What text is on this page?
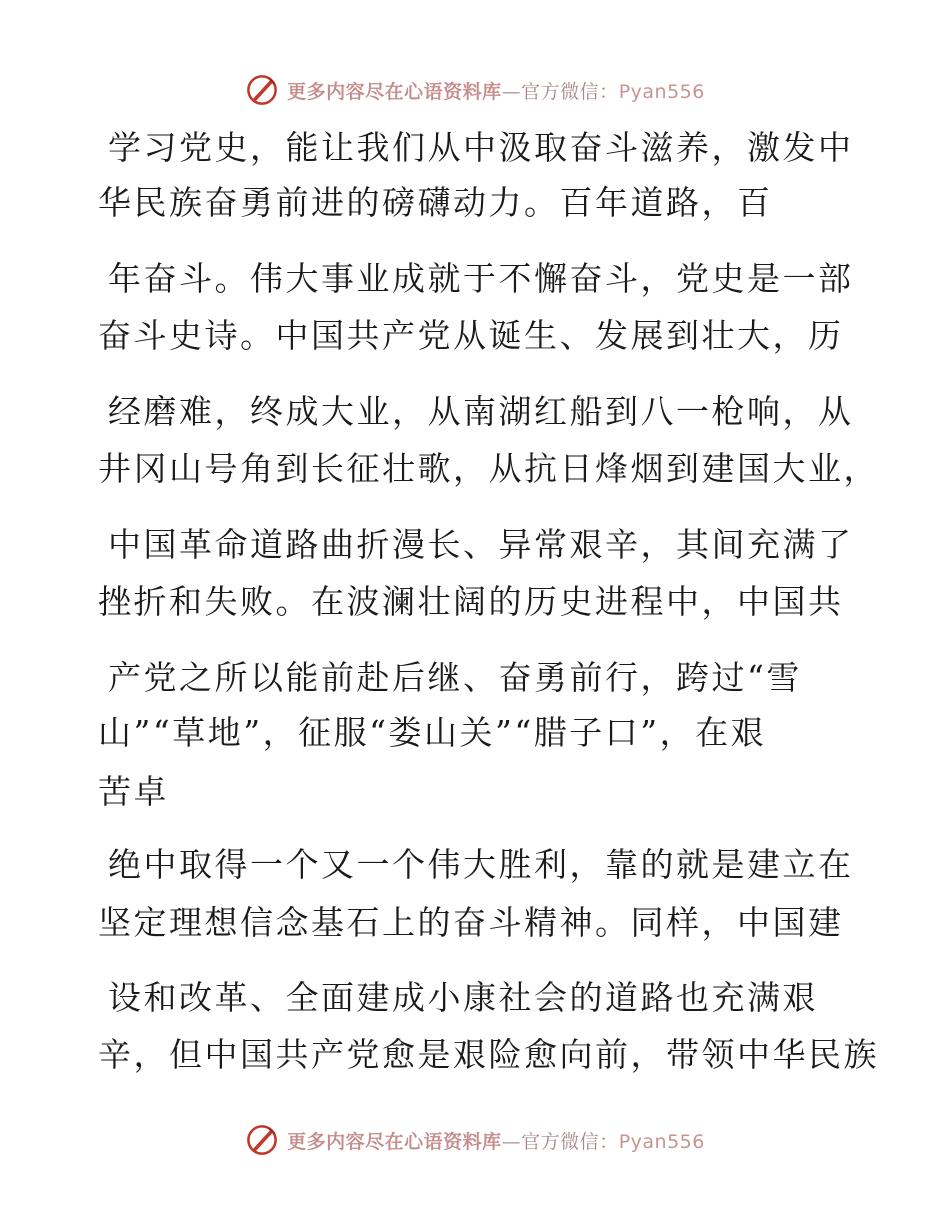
更多内容尽在心语资料库—官方微信：Pyan556
学习党史，能让我们从中汲取奋斗滋养，激发中
华民族奋勇前进的磅礴动力。百年道路，百
年奋斗。伟大事业成就于不懈奋斗，党史是一部
奋斗史诗。中国共产党从诞生、发展到壮大，历
经磨难，终成大业，从南湖红船到八一枪响，从
井冈山号角到长征壮歌，从抗日烽烟到建国大业，
中国革命道路曲折漫长、异常艰辛，其间充满了
挫折和失败。在波澜壮阔的历史进程中，中国共
产党之所以能前赴后继、奋勇前行，跨过“雪
山”“草地”，征服“娄山关”“腊子口”，在艰
苦卓
绝中取得一个又一个伟大胜利，靠的就是建立在
坚定理想信念基石上的奋斗精神。同样，中国建
设和改革、全面建成小康社会的道路也充满艰
辛，但中国共产党愈是艰险愈向前，带领中华民族
更多内容尽在心语资料库—官方微信：Pyan556
